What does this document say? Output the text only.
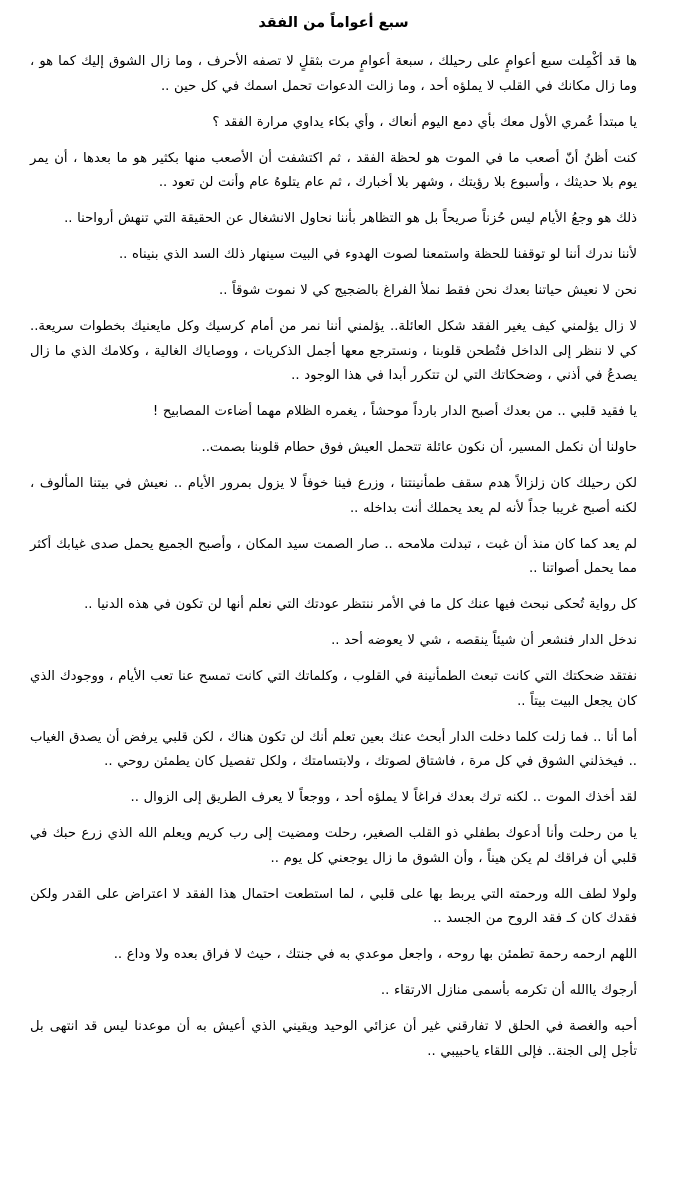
سبع أعواماً من الفقد

ها قد أكْمِلت سبع أعوامٍ على رحيلك ، سبعة أعوامٍ مرت بثقلٍ لا تصفه الأحرف ، وما زال الشوق إليك كما هو ، وما زال مكانك في القلب لا يملؤه أحد ، وما زالت الدعوات تحمل اسمك في كل حين ..

يا مبتدأ عُمري الأول معك بأي دمع اليوم أنعاك ، وأي بكاء يداوي مرارة الفقد ؟

كنت أظنُ أنّ أصعب ما في الموت هو لحظة الفقد ، ثم اكتشفت أن الأصعب منها بكثير هو ما بعدها ، أن يمر يوم بلا حديثك ، وأسبوع بلا رؤيتك ، وشهر بلا أخبارك ، ثم عام يتلوهُ عام وأنت لن تعود ..

ذلك هو وجعُ الأيام ليس حُزناً صريحاً بل هو التظاهر بأننا نحاول الانشغال عن الحقيقة التي تنهش أرواحنا ..

لأننا ندرك أننا لو توقفنا للحظة واستمعنا لصوت الهدوء في البيت سينهار ذلك السد الذي بنيناه ..

نحن لا نعيش حياتنا بعدك نحن فقط نملأ الفراغ بالضجيج كي لا نموت شوقاً ..

لا زال يؤلمني كيف يغير الفقد شكل العائلة.. يؤلمني أننا نمر من أمام كرسيك وكل مايعنيك بخطوات سريعة.. كي لا ننظر إلى الداخل فتُطحن قلوبنا ، ونسترجع معها أجمل الذكريات ، ووصاياك الغالية ، وكلامك الذي ما زال يصدعُ في أذني ، وضحكاتك التي لن تتكرر أبدا في هذا الوجود ..

يا فقيد قلبي .. من بعدك أصبح الدار بارداً موحشاً ، يغمره الظلام مهما أضاءت المصابيح !

حاولنا أن نكمل المسير، أن نكون عائلة تتحمل العيش فوق حطام قلوبنا بصمت..

لكن رحيلك كان زلزالاً هدم سقف طمأنينتنا ، وزرع فينا خوفاً لا يزول بمرور الأيام .. نعيش في بيتنا المألوف ، لكنه أصبح غريبا جداً لأنه لم يعد يحملك أنت بداخله ..

لم يعد كما كان منذ أن غبت ، تبدلت ملامحه .. صار الصمت سيد المكان ، وأصبح الجميع يحمل صدى غيابك أكثر مما يحمل أصواتنا ..

كل رواية تُحكى نبحث فيها عنك كل ما في الأمر ننتظر عودتك التي نعلم أنها لن تكون في هذه الدنيا ..

ندخل الدار فنشعر أن شيئاً ينقصه ، شي لا يعوضه أحد ..

نفتقد ضحكتك التي كانت تبعث الطمأنينة في القلوب ، وكلماتك التي كانت تمسح عنا تعب الأيام ، ووجودك الذي كان يجعل البيت بيتاً ..

أما أنا .. فما زلت كلما دخلت الدار أبحث عنك بعين تعلم أنك لن تكون هناك ، لكن قلبي يرفض أن يصدق الغياب .. فيخذلني الشوق في كل مرة ، فاشتاق لصوتك ، ولابتسامتك ، ولكل تفصيل كان يطمئن روحي ..

لقد أخذك الموت .. لكنه ترك بعدك فراغاً لا يملؤه أحد ، ووجعاً لا يعرف الطريق إلى الزوال ..

يا من رحلت وأنا أدعوك بطفلي ذو القلب الصغير، رحلت ومضيت إلى رب كريم ويعلم الله الذي زرع حبك في قلبي أن فراقك لم يكن هيناً ، وأن الشوق ما زال يوجعني كل يوم ..

ولولا لطف الله ورحمته التي يربط بها على قلبي ، لما استطعت احتمال هذا الفقد لا اعتراض على القدر ولكن فقدك كان كـ فقد الروح من الجسد ..

اللهم ارحمه رحمة تطمئن بها روحه ، واجعل موعدي به في جنتك ، حيث لا فراق بعده ولا وداع ..

أرجوك ياالله أن تكرمه بأسمى منازل الارتقاء ..

أحبه والغصة في الحلق لا تفارقني غير أن عزائي الوحيد ويقيني الذي أعيش به أن موعدنا ليس قد انتهى بل تأجل إلى الجنة.. فإلى اللقاء ياحبيبي ..
